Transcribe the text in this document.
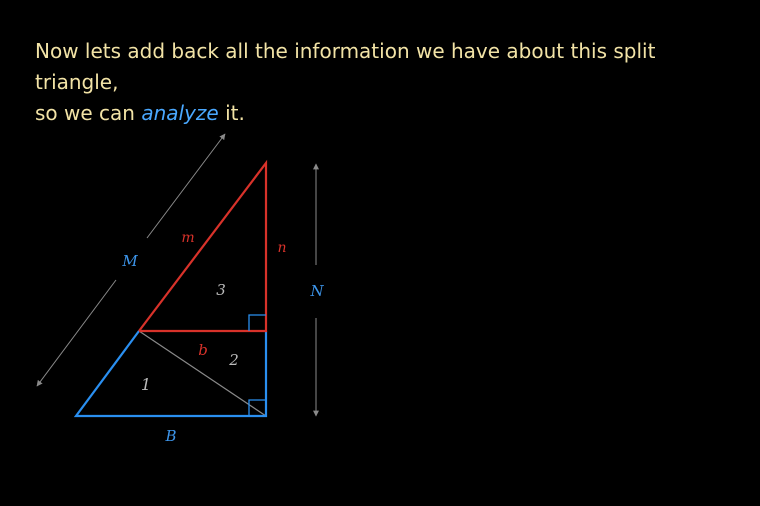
Now lets add back all the information we have about this split triangle,
so we can analyze it.
M
m
n
N
3
b
2
1
B
